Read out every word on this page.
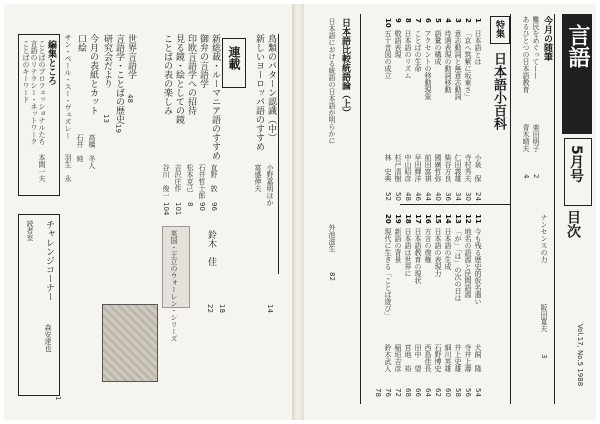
連載	鳥類のパターン認識（中）
小野嘉明ほか
新しいヨーロッパ語のすすめ
富盛伸夫
新総裁・ルーマニア語のすすめ
直野　敦
96
御弁の言語学
石井哲士郎
90
印欧言語学への招待
松本克己
8
見る鏡・絵としての鏡
吉沢庄作
101
ことばの表の楽しみ
谷川　俊一
104
世界言語学
48
言語学・ことばの歴史
19
研究会だより
13
英国・王立のウォーレン・シリーズ	鈴木　佳
22 18
今月の表紙とカット
高橋　冬人
石井　純
口絵
サン・ペール・スー・ヴェズレー
羽生　永
編集ところ
ことばのプロフェッショナルたち
言語のリテラシー・ネットワーク
ことばのキーワード
本間一夫
チャレンジコーナー
森安達也
読者室
14
1
言語
5月号
目次
Vol.17, No.5 1988
今月の随筆
難民をめぐって——
楽田明子
2
あるひとつの日本語教育
青木晴夫
4
ナンセンスの力
阪田寛夫
3
特集
日本語小百科
1
日本語とは
小泉　保
24
2
「京へ筑紫に坂東さ」
寺村秀夫
30
3
意志動詞と無意志動詞
仁田義雄
34
4
待遇表現の動詞移動
柴谷方良
36
5
語彙の構成
國廣哲弥
40
6
アクセントの移動現象
前田富祺
44
7
ことばの生命
早田輝洋
46
8
日本語のリズム
中山昭彦
48
9
敬語表現
杉戸清樹
50
10
五十音図の成立
林　史典
52
11
今も残る歴史的仮名遣い
犬飼　隆
54
12
地名の語源と民間語源
寺井上壽
56
13
「が」「は」の次の日は
井上史雄
58
14
日本語の生成
細川英雄
60
15
日本語の表現力
石野博史
62
16
方言の復権
西島佳長
64
17
日本語教育の現状
田中　望
66
18
日本語は世界に
宮地　裕
68
19
新語の背景
稲垣吉彦
72
20
現代に生きる「ことば遊び」
鈴木武人
76
78
日本語比較統語論（上）
日本語における統語の日本語が明らかに
外池滋生
82
